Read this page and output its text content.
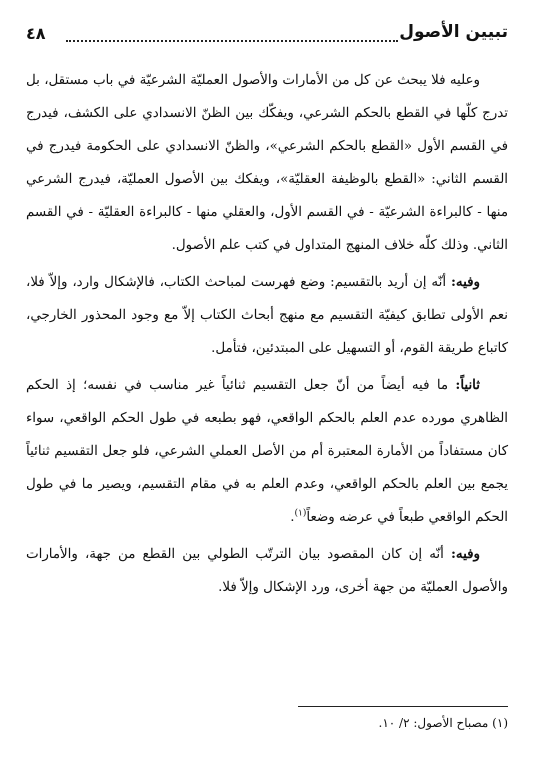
تبيين الأصول
٤٨

وعليه فلا يبحث عن كل من الأمارات والأصول العمليّة الشرعيّة في باب مستقل، بل تدرج كلّها في القطع بالحكم الشرعي، ويفكّك بين الظنّ الانسدادي على الكشف، فيدرج في القسم الأول «القطع بالحكم الشرعي»، والظنّ الانسدادي على الحكومة فيدرج في القسم الثاني: «القطع بالوظيفة العقليّة»، ويفكك بين الأصول العمليّة، فيدرج الشرعي منها - كالبراءة الشرعيّة - في القسم الأول، والعقلي منها - كالبراءة العقليّة - في القسم الثاني. وذلك كلّه خلاف المنهج المتداول في كتب علم الأصول.

وفيه: أنّه إن أريد بالتقسيم: وضع فهرست لمباحث الكتاب، فالإشكال وارد، وإلاّ فلا، نعم الأولى تطابق كيفيّة التقسيم مع منهج أبحاث الكتاب إلاّ مع وجود المحذور الخارجي، كاتباع طريقة القوم، أو التسهيل على المبتدئين، فتأمل.

ثانياً: ما فيه أيضاً من أنّ جعل التقسيم ثنائياً غير مناسب في نفسه؛ إذ الحكم الظاهري مورده عدم العلم بالحكم الواقعي، فهو بطبعه في طول الحكم الواقعي، سواء كان مستفاداً من الأمارة المعتبرة أم من الأصل العملي الشرعي، فلو جعل التقسيم ثنائياً يجمع بين العلم بالحكم الواقعي، وعدم العلم به في مقام التقسيم، ويصير ما في طول الحكم الواقعي طبعاً في عرضه وضعاً$^{(١)}$.

وفيه: أنّه إن كان المقصود بيان الترتّب الطولي بين القطع من جهة، والأمارات والأصول العمليّة من جهة أخرى، ورد الإشكال وإلاّ فلا.

(١) مصباح الأصول: ٢/ ١٠.
